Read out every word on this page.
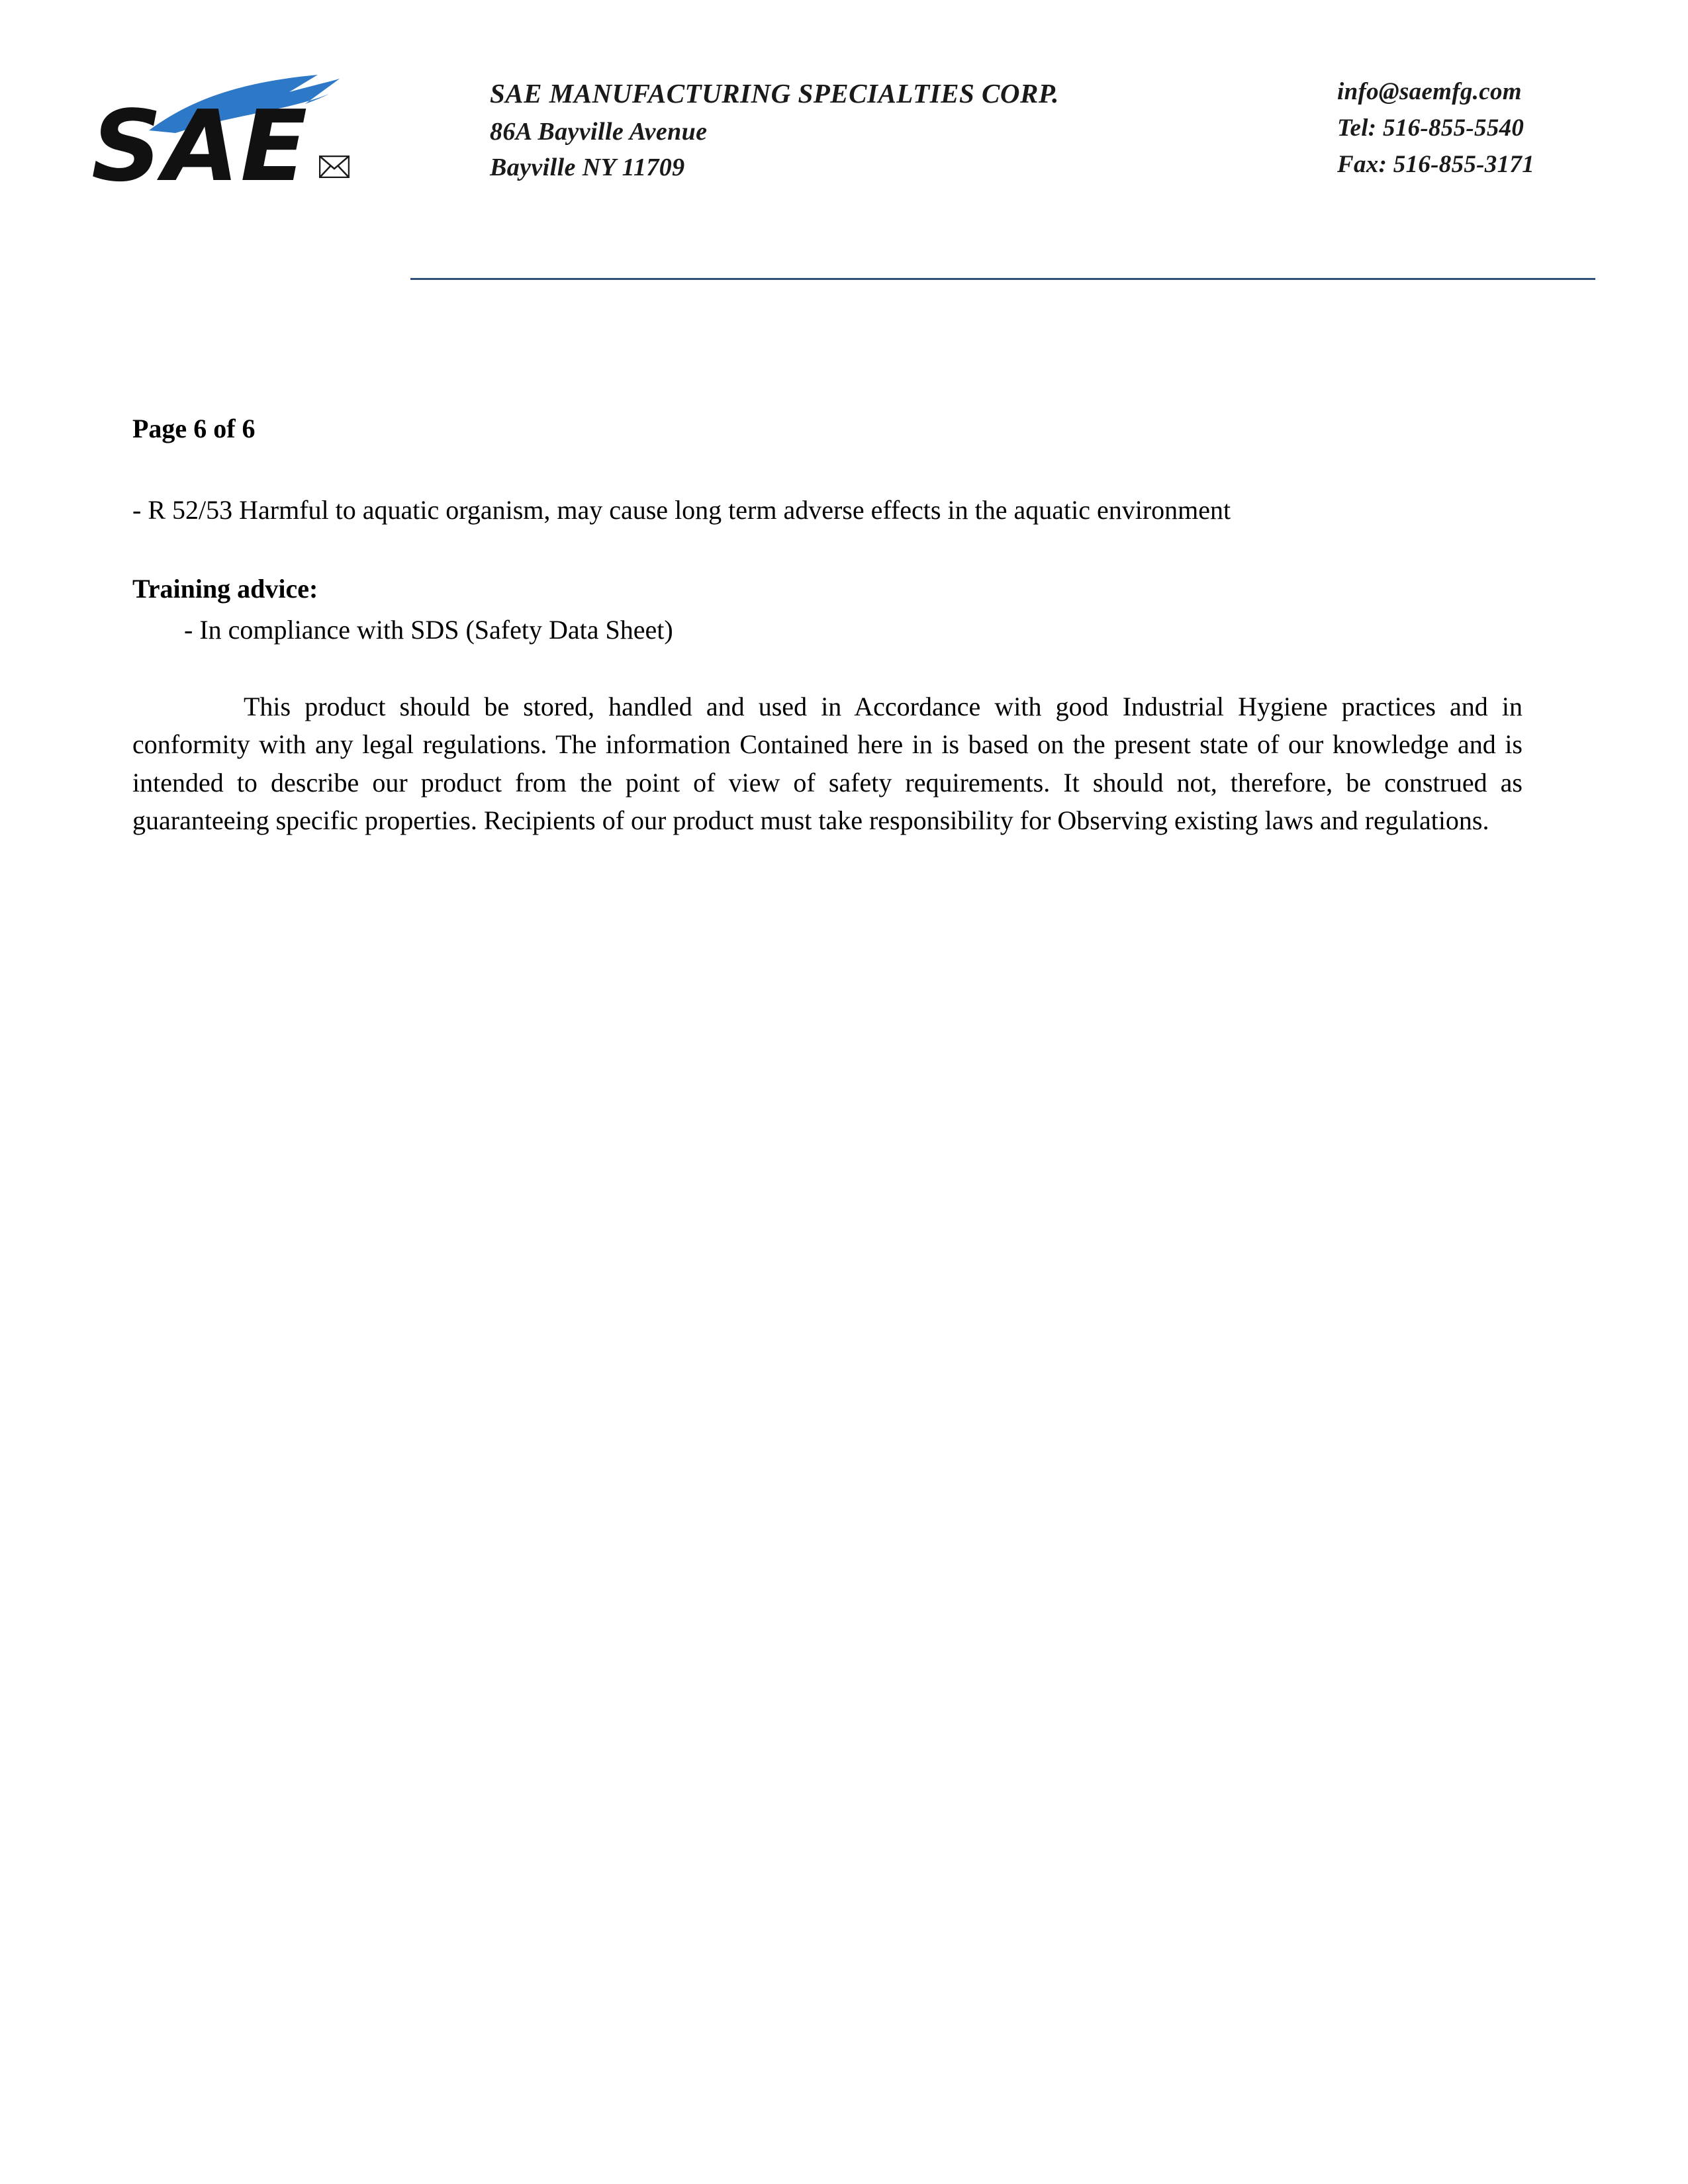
SAE	SAE MANUFACTURING SPECIALTIES CORP.
86A Bayville Avenue
Bayville NY 11709
info@saemfg.com
Tel: 516-855-5540
Fax: 516-855-3171
Page 6 of 6
- R 52/53 Harmful to aquatic organism, may cause long term adverse effects in the aquatic environment
Training advice:
- In compliance with SDS (Safety Data Sheet)
This product should be stored, handled and used in Accordance with good Industrial Hygiene practices and in conformity with any legal regulations. The information Contained here in is based on the present state of our knowledge and is intended to describe our product from the point of view of safety requirements. It should not, therefore, be construed as guaranteeing specific properties. Recipients of our product must take responsibility for Observing existing laws and regulations.
